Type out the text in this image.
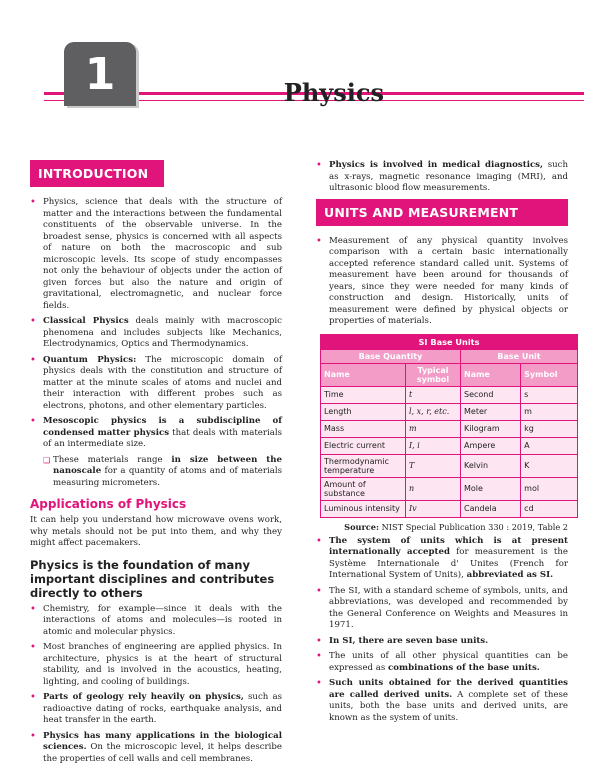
1	Physics
INTRODUCTION
• Physics, science that deals with the structure of matter and the interactions between the fundamental constituents of the observable universe. In the broadest sense, physics is concerned with all aspects of nature on both the macroscopic and sub microscopic levels. Its scope of study encompasses not only the behaviour of objects under the action of given forces but also the nature and origin of gravitational, electromagnetic, and nuclear force fields.
• Classical Physics deals mainly with macroscopic phenomena and includes subjects like Mechanics, Electrodynamics, Optics and Thermodynamics.
• Quantum Physics: The microscopic domain of physics deals with the constitution and structure of matter at the minute scales of atoms and nuclei and their interaction with different probes such as electrons, photons, and other elementary particles.
• Mesoscopic physics is a subdiscipline of condensed matter physics that deals with materials of an intermediate size.
❏ These materials range in size between the nanoscale for a quantity of atoms and of materials measuring micrometers.
Applications of Physics

It can help you understand how microwave ovens work, why metals should not be put into them, and why they might affect pacemakers.

Physics is the foundation of many important disciplines and contributes directly to others
• Chemistry, for example—since it deals with the interactions of atoms and molecules—is rooted in atomic and molecular physics.
• Most branches of engineering are applied physics. In architecture, physics is at the heart of structural stability, and is involved in the acoustics, heating, lighting, and cooling of buildings.
• Parts of geology rely heavily on physics, such as radioactive dating of rocks, earthquake analysis, and heat transfer in the earth.
• Physics has many applications in the biological sciences. On the microscopic level, it helps describe the properties of cell walls and cell membranes.
• Physics is involved in medical diagnostics, such as x-rays, magnetic resonance imaging (MRI), and ultrasonic blood flow measurements.
UNITS AND MEASUREMENT
• Measurement of any physical quantity involves comparison with a certain basic internationally accepted reference standard called unit. Systems of measurement have been around for thousands of years, since they were needed for many kinds of construction and design. Historically, units of measurement were defined by physical objects or properties of materials.
SI Base Units			
Base Quantity		Base Unit	
Name	Typical symbol	Name	Symbol
Time	t	Second	s
Length	l, x, r, etc.	Meter	m
Mass	m	Kilogram	kg
Electric current	I, i	Ampere	A
Thermodynamic temperature	T	Kelvin	K
Amount of substance	n	Mole	mol
Luminous intensity	Iv	Candela	cd
Source: NIST Special Publication 330 : 2019, Table 2
• The system of units which is at present internationally accepted for measurement is the Système Internationale d' Unites (French for International System of Units), abbreviated as SI.
• The SI, with a standard scheme of symbols, units, and abbreviations, was developed and recommended by the General Conference on Weights and Measures in 1971.
• In SI, there are seven base units.
• The units of all other physical quantities can be expressed as combinations of the base units.
• Such units obtained for the derived quantities are called derived units. A complete set of these units, both the base units and derived units, are known as the system of units.
